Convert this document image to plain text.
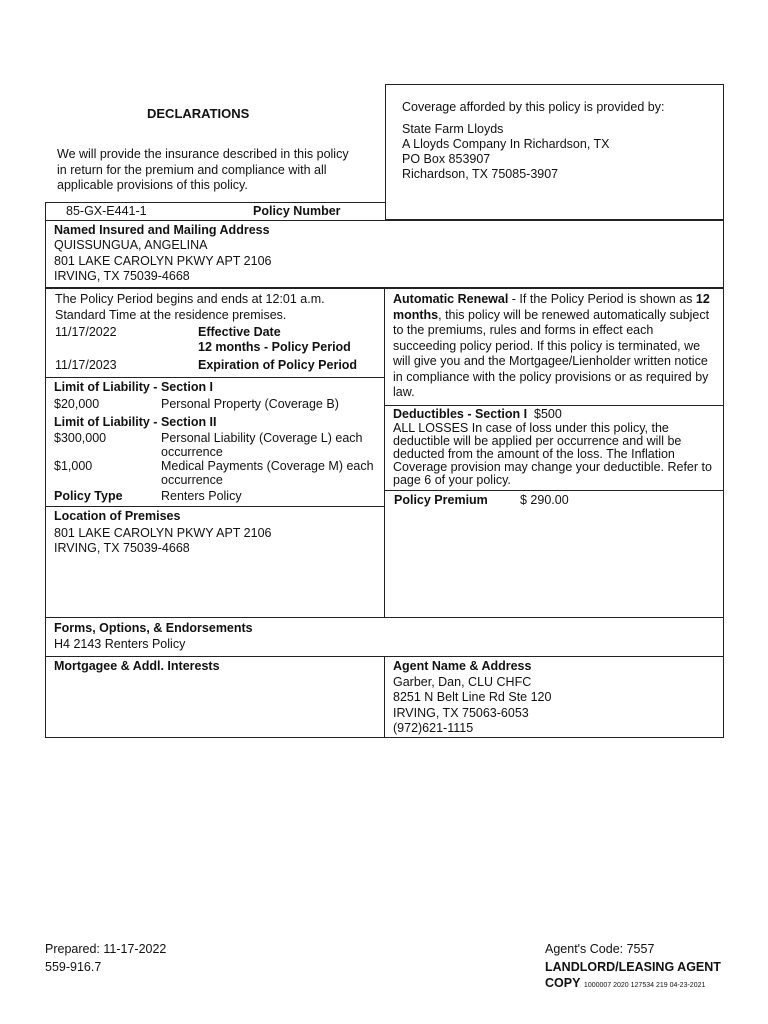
DECLARATIONS
We will provide the insurance described in this policy in return for the premium and compliance with all applicable provisions of this policy.
Coverage afforded by this policy is provided by:
State Farm Lloyds
A Lloyds Company In Richardson, TX
PO Box 853907
Richardson, TX 75085-3907
85-GX-E441-1	Policy Number
Named Insured and Mailing Address
QUISSUNGUA, ANGELINA
801 LAKE CAROLYN PKWY APT 2106
IRVING, TX 75039-4668
The Policy Period begins and ends at 12:01 a.m. Standard Time at the residence premises.
11/17/2022	Effective Date
12 months - Policy Period
11/17/2023	Expiration of Policy Period
Automatic Renewal - If the Policy Period is shown as 12 months, this policy will be renewed automatically subject to the premiums, rules and forms in effect each succeeding policy period. If this policy is terminated, we will give you and the Mortgagee/Lienholder written notice in compliance with the policy provisions or as required by law.
Limit of Liability - Section I
$20,000	Personal Property (Coverage B)
Limit of Liability - Section II
$300,000	Personal Liability (Coverage L) each occurrence
$1,000	Medical Payments (Coverage M) each occurrence
Policy Type	Renters Policy
Deductibles - Section I $500
ALL LOSSES In case of loss under this policy, the deductible will be applied per occurrence and will be deducted from the amount of the loss. The Inflation Coverage provision may change your deductible. Refer to page 6 of your policy.
Policy Premium	$ 290.00
Location of Premises
801 LAKE CAROLYN PKWY APT 2106
IRVING, TX 75039-4668
Forms, Options, & Endorsements
H4 2143 Renters Policy
Mortgagee & Addl. Interests	Agent Name & Address
Garber, Dan, CLU CHFC
8251 N Belt Line Rd Ste 120
IRVING, TX 75063-6053
(972)621-1115
Prepared: 11-17-2022
559-916.7
Agent's Code: 7557
LANDLORD/LEASING AGENT
COPY 1000007 2020 127534 219 04-23-2021
